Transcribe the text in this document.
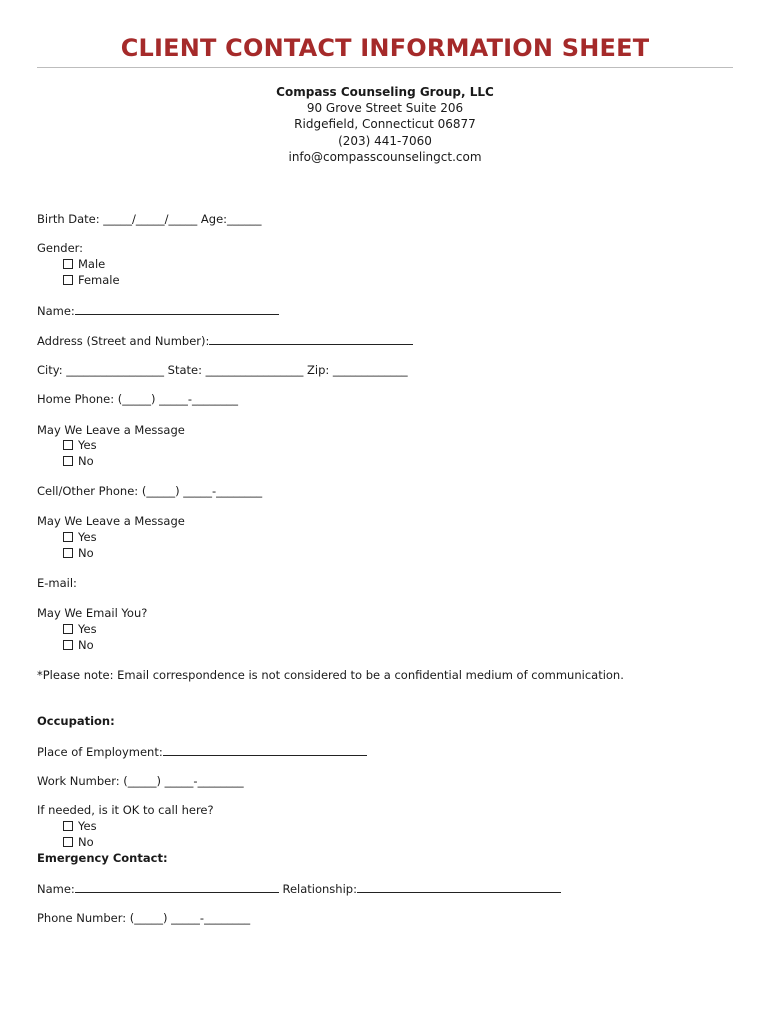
CLIENT CONTACT INFORMATION SHEET
Compass Counseling Group, LLC
90 Grove Street Suite 206
Ridgefield, Connecticut 06877
(203) 441-7060
info@compasscounselingct.com
Birth Date: _____/_____/_____ Age:______
Gender:
Male
Female
Name:
Address (Street and Number):
City: _________________ State: _________________ Zip: _____________
Home Phone: (_____) _____-________
May We Leave a Message
Yes
No
Cell/Other Phone: (_____) _____-________
May We Leave a Message
Yes
No
E-mail:
May We Email You?
Yes
No
*Please note: Email correspondence is not considered to be a confidential medium of communication.
Occupation:
Place of Employment:
Work Number: (_____) _____-________
If needed, is it OK to call here?
Yes
No
Emergency Contact:
Name:	Relationship:
Phone Number: (_____) _____-________
